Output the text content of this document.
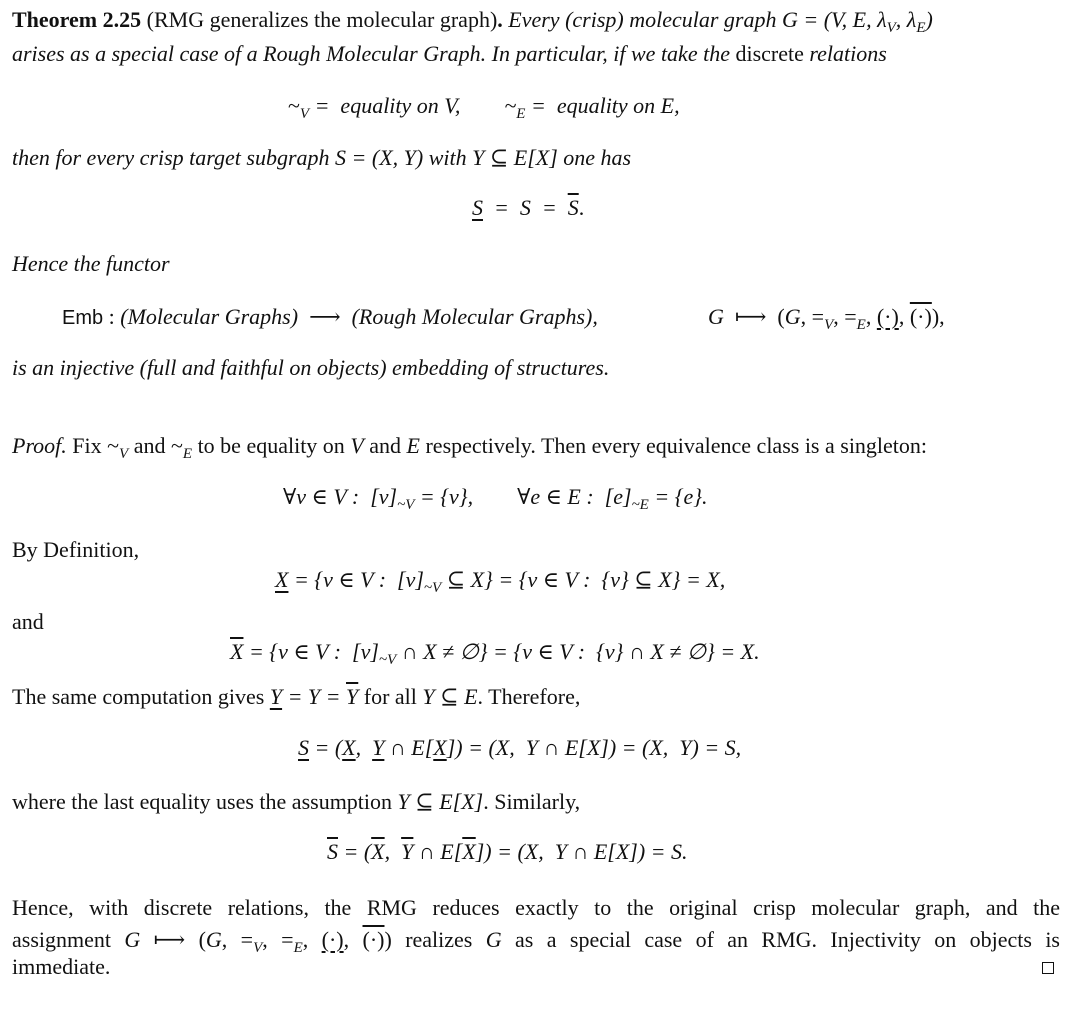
Theorem 2.25 (RMG generalizes the molecular graph). Every (crisp) molecular graph G = (V, E, $\lambda_V$, $\lambda_E$)
arises as a special case of a Rough Molecular Graph. In particular, if we take the discrete relations
$\sim_V$ =  equality on V,        $\sim_E$ =  equality on E,
then for every crisp target subgraph S = (X, Y) with Y ⊆ E[X] one has
$S = S = \overline{S}$.
Hence the functor
Emb : (Molecular Graphs)  ⟶  (Rough Molecular Graphs),	G  ⟼  (G, $=_V$, $=_E$, (·), (·)),
is an injective (full and faithful on objects) embedding of structures.
Proof. Fix $\sim_V$ and $\sim_E$ to be equality on V and E respectively. Then every equivalence class is a singleton:
∀v ∈ V :  $[v]_{\sim V} = \{v\}$,        ∀e ∈ E :  $[e]_{\sim E} = \{e\}$.
By Definition,
X = {v ∈ V :  $[v]_{\sim V}$ ⊆ X} = {v ∈ V :  {v} ⊆ X} = X,
and
$\overline{X} = \{v$ ∈ V :  $[v]_{\sim V}$ ∩ X ≠ ∅} = {v ∈ V :  {v} ∩ X ≠ ∅} = X.
The same computation gives $Y = Y = \overline{Y}$ for all Y ⊆ E. Therefore,
S = (X,  Y ∩ E[X]) = (X,  Y ∩ E[X]) = (X,  Y) = S,
where the last equality uses the assumption Y ⊆ E[X]. Similarly,
$\overline{S} = (\overline{X}$,  $\overline{Y}$ ∩ $E[\overline{X}]) = (X$,  Y ∩ E[X]) = S.
Hence, with discrete relations, the RMG reduces exactly to the original crisp molecular graph, and the
assignment G ⟼ (G, $=_V$, $=_E$, (·), (·)) realizes G as a special case of an RMG. Injectivity on objects is
immediate.
